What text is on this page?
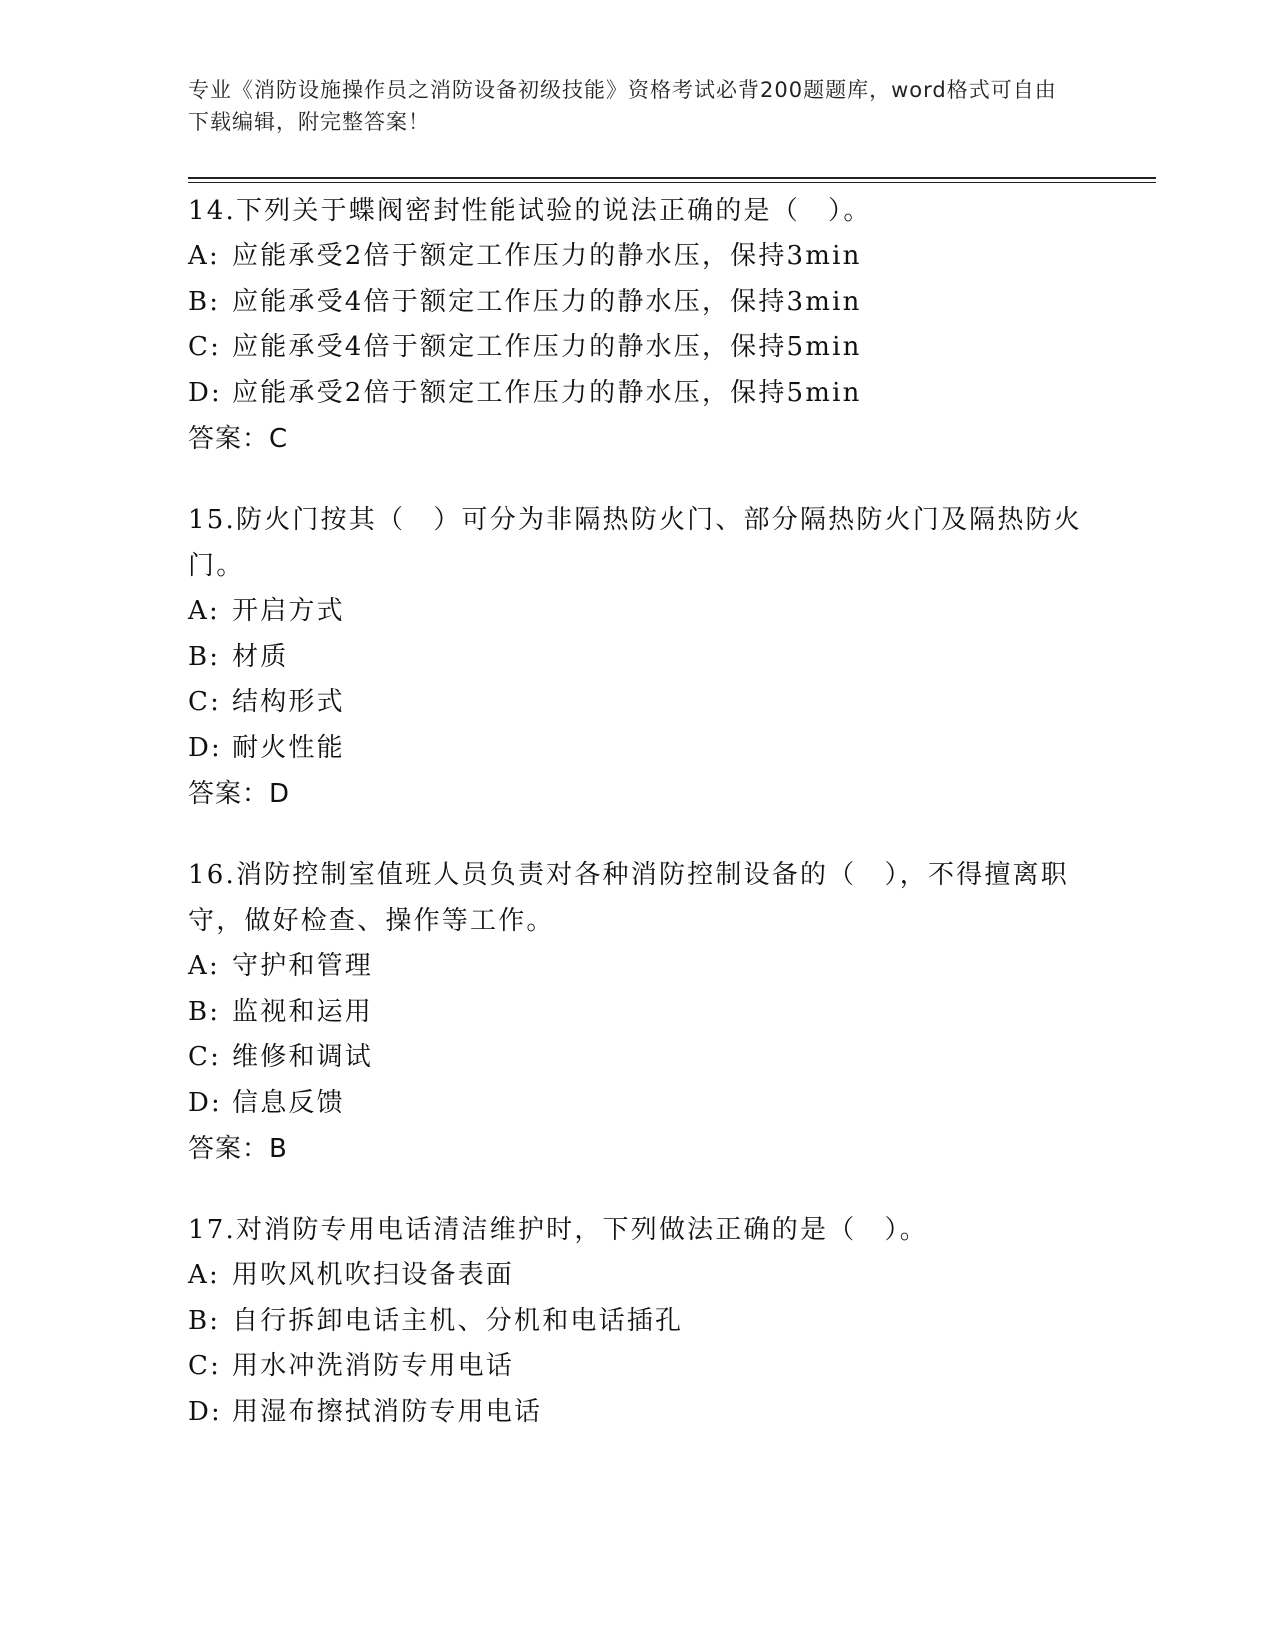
专业《消防设施操作员之消防设备初级技能》资格考试必背200题题库，word格式可自由下载编辑，附完整答案！
14.下列关于蝶阀密封性能试验的说法正确的是（　）。
A: 应能承受2倍于额定工作压力的静水压，保持3min
B: 应能承受4倍于额定工作压力的静水压，保持3min
C: 应能承受4倍于额定工作压力的静水压，保持5min
D: 应能承受2倍于额定工作压力的静水压，保持5min
答案：C
15.防火门按其（　）可分为非隔热防火门、部分隔热防火门及隔热防火门。
A: 开启方式
B: 材质
C: 结构形式
D: 耐火性能
答案：D
16.消防控制室值班人员负责对各种消防控制设备的（　），不得擅离职守，做好检查、操作等工作。
A: 守护和管理
B: 监视和运用
C: 维修和调试
D: 信息反馈
答案：B
17.对消防专用电话清洁维护时，下列做法正确的是（　）。
A: 用吹风机吹扫设备表面
B: 自行拆卸电话主机、分机和电话插孔
C: 用水冲洗消防专用电话
D: 用湿布擦拭消防专用电话
